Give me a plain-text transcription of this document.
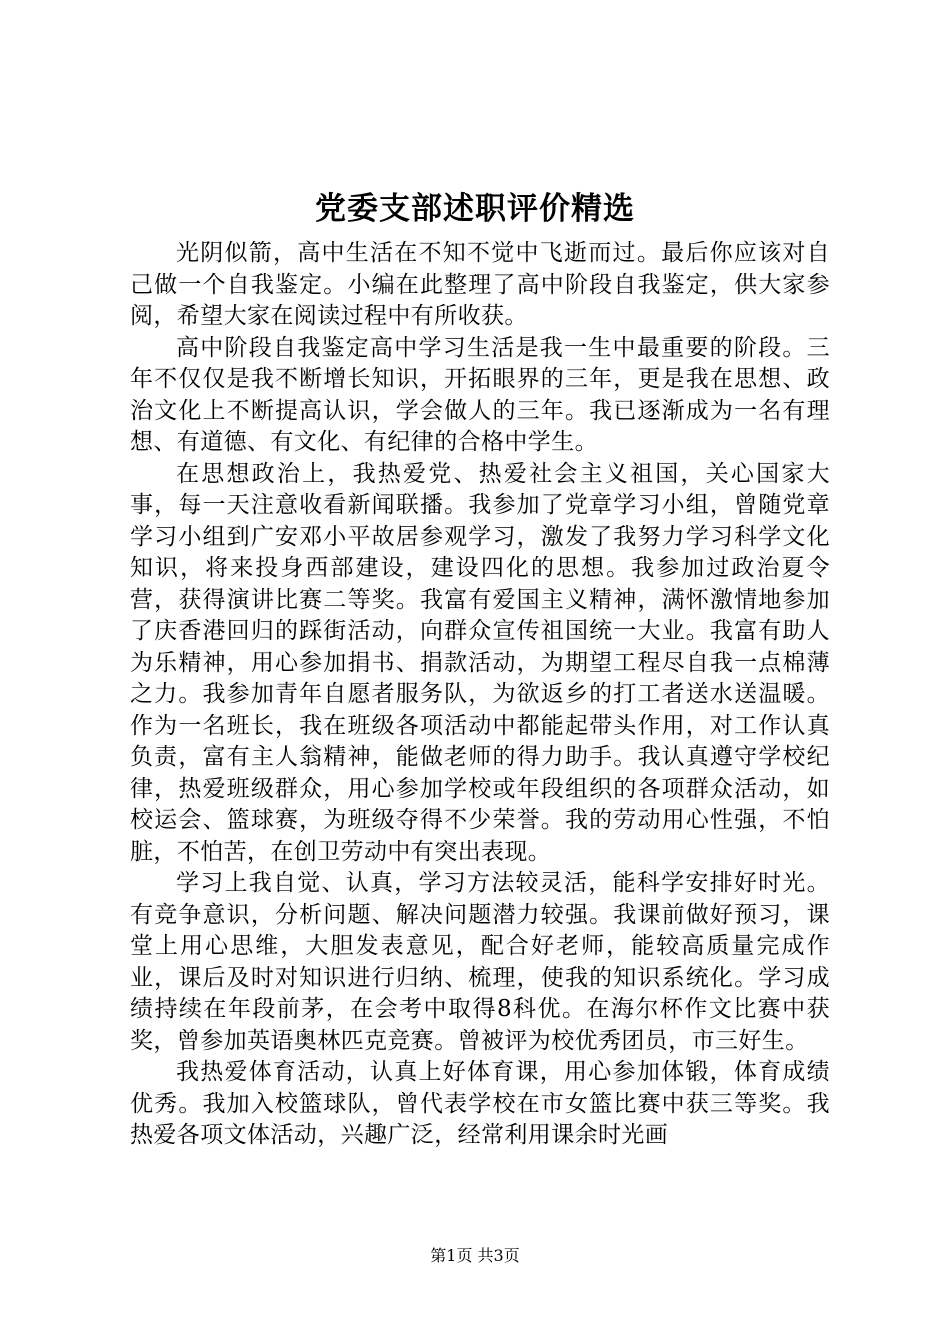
党委支部述职评价精选

光阴似箭，高中生活在不知不觉中飞逝而过。最后你应该对自己做一个自我鉴定。小编在此整理了高中阶段自我鉴定，供大家参阅，希望大家在阅读过程中有所收获。

高中阶段自我鉴定高中学习生活是我一生中最重要的阶段。三年不仅仅是我不断增长知识，开拓眼界的三年，更是我在思想、政治文化上不断提高认识，学会做人的三年。我已逐渐成为一名有理想、有道德、有文化、有纪律的合格中学生。

在思想政治上，我热爱党、热爱社会主义祖国，关心国家大事，每一天注意收看新闻联播。我参加了党章学习小组，曾随党章学习小组到广安邓小平故居参观学习，激发了我努力学习科学文化知识，将来投身西部建设，建设四化的思想。我参加过政治夏令营，获得演讲比赛二等奖。我富有爱国主义精神，满怀激情地参加了庆香港回归的踩街活动，向群众宣传祖国统一大业。我富有助人为乐精神，用心参加捐书、捐款活动，为期望工程尽自我一点棉薄之力。我参加青年自愿者服务队，为欲返乡的打工者送水送温暖。作为一名班长，我在班级各项活动中都能起带头作用，对工作认真负责，富有主人翁精神，能做老师的得力助手。我认真遵守学校纪律，热爱班级群众，用心参加学校或年段组织的各项群众活动，如校运会、篮球赛，为班级夺得不少荣誉。我的劳动用心性强，不怕脏，不怕苦，在创卫劳动中有突出表现。

学习上我自觉、认真，学习方法较灵活，能科学安排好时光。有竞争意识，分析问题、解决问题潜力较强。我课前做好预习，课堂上用心思维，大胆发表意见，配合好老师，能较高质量完成作业，课后及时对知识进行归纳、梳理，使我的知识系统化。学习成绩持续在年段前茅，在会考中取得8科优。在海尔杯作文比赛中获奖，曾参加英语奥林匹克竞赛。曾被评为校优秀团员，市三好生。

我热爱体育活动，认真上好体育课，用心参加体锻，体育成绩优秀。我加入校篮球队，曾代表学校在市女篮比赛中获三等奖。我热爱各项文体活动，兴趣广泛，经常利用课余时光画

第1页 共3页
